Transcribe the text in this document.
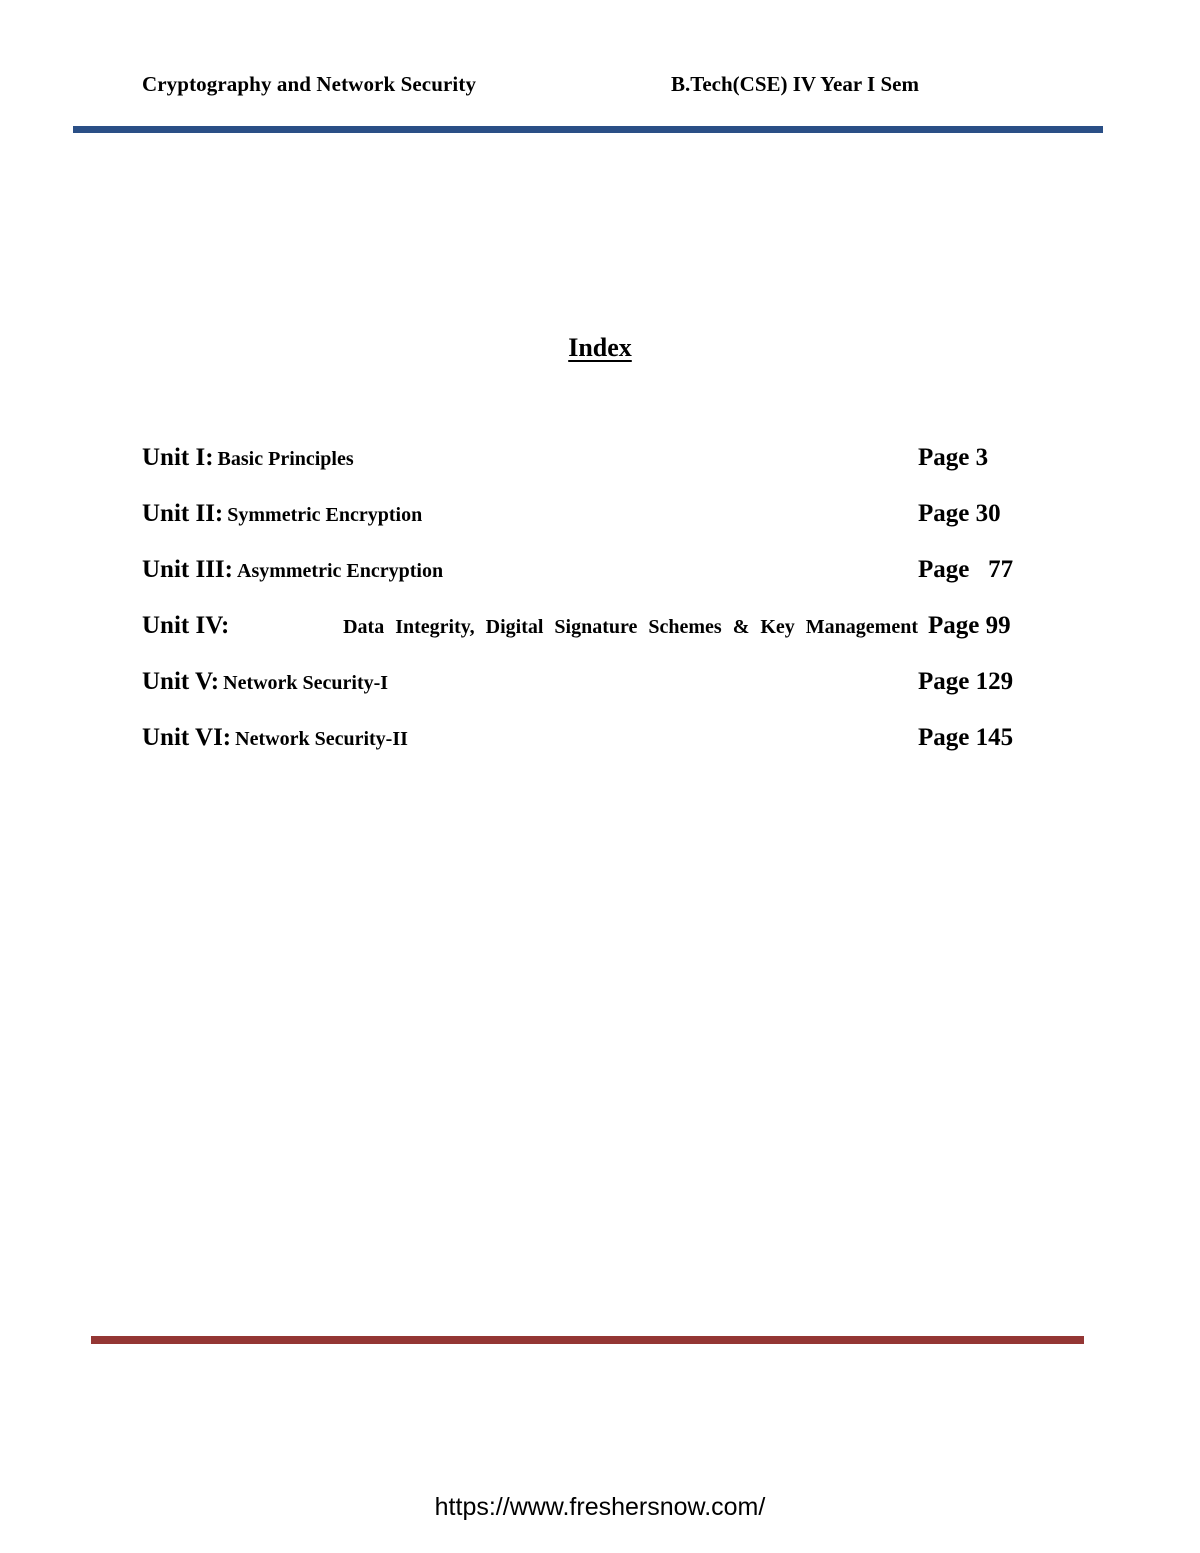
Cryptography and Network Security	B.Tech(CSE) IV Year I Sem
Index
Unit I: Basic Principles	Page 3
Unit II: Symmetric Encryption	Page 30
Unit III: Asymmetric Encryption	Page   77
Unit IV:	Data Integrity, Digital Signature Schemes & Key Management Page 99
Unit V: Network Security-I	Page 129
Unit VI: Network Security-II	Page 145
https://www.freshersnow.com/
